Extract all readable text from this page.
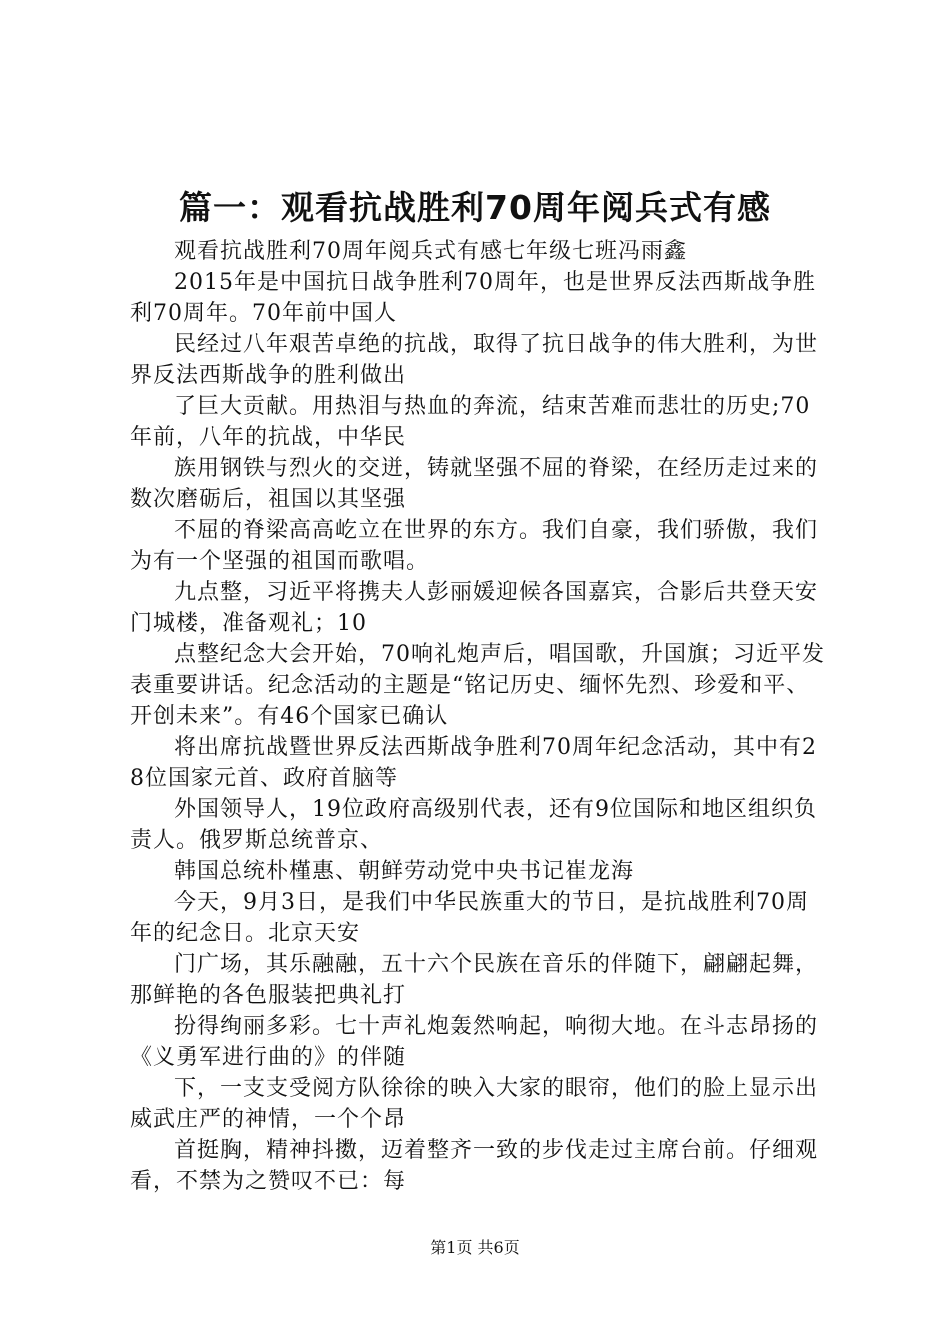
篇一：观看抗战胜利70周年阅兵式有感

观看抗战胜利70周年阅兵式有感七年级七班冯雨鑫

2015年是中国抗日战争胜利70周年，也是世界反法西斯战争胜利70周年。70年前中国人

民经过八年艰苦卓绝的抗战，取得了抗日战争的伟大胜利，为世界反法西斯战争的胜利做出

了巨大贡献。用热泪与热血的奔流，结束苦难而悲壮的历史;70年前，八年的抗战，中华民

族用钢铁与烈火的交迸，铸就坚强不屈的脊梁，在经历走过来的数次磨砺后，祖国以其坚强

不屈的脊梁高高屹立在世界的东方。我们自豪，我们骄傲，我们为有一个坚强的祖国而歌唱。

九点整，习近平将携夫人彭丽媛迎候各国嘉宾，合影后共登天安门城楼，准备观礼；10

点整纪念大会开始，70响礼炮声后，唱国歌，升国旗；习近平发表重要讲话。纪念活动的主题是“铭记历史、缅怀先烈、珍爱和平、开创未来”。有46个国家已确认

将出席抗战暨世界反法西斯战争胜利70周年纪念活动，其中有28位国家元首、政府首脑等

外国领导人，19位政府高级别代表，还有9位国际和地区组织负责人。俄罗斯总统普京、

韩国总统朴槿惠、朝鲜劳动党中央书记崔龙海

今天，9月3日，是我们中华民族重大的节日，是抗战胜利70周年的纪念日。北京天安

门广场，其乐融融，五十六个民族在音乐的伴随下，翩翩起舞，那鲜艳的各色服装把典礼打

扮得绚丽多彩。七十声礼炮轰然响起，响彻大地。在斗志昂扬的《义勇军进行曲的》的伴随

下，一支支受阅方队徐徐的映入大家的眼帘，他们的脸上显示出威武庄严的神情，一个个昂

首挺胸，精神抖擞，迈着整齐一致的步伐走过主席台前。仔细观看，不禁为之赞叹不已：每

第1页 共6页
